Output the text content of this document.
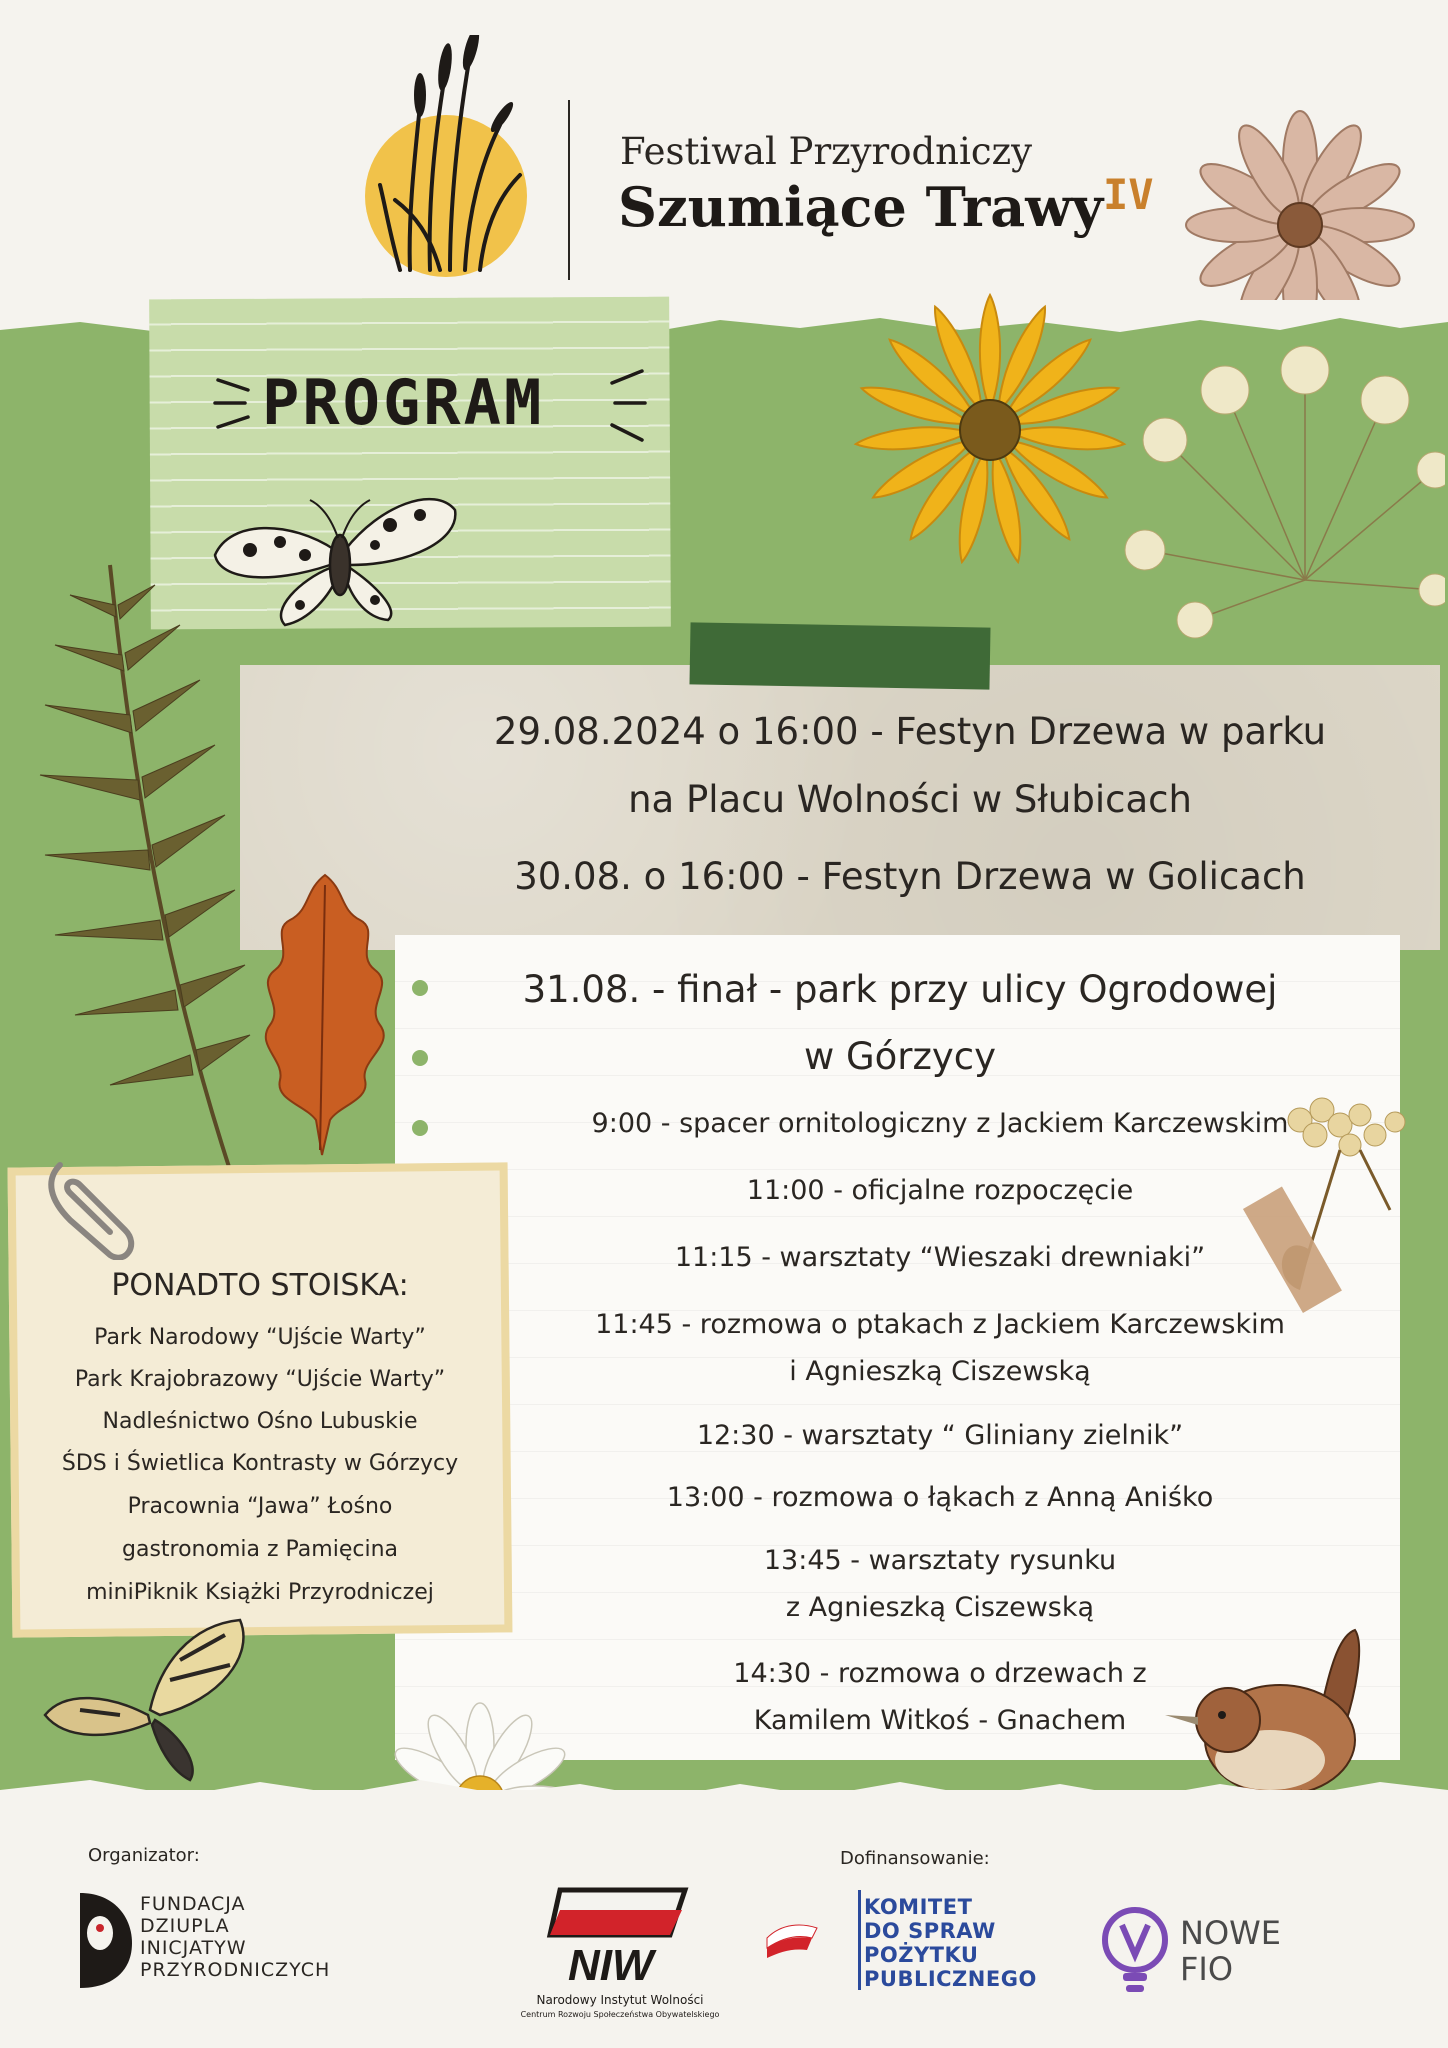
Festiwal Przyrodniczy
Szumiące Trawy IV
PROGRAM
29.08.2024 o 16:00 - Festyn Drzewa w parku
na Placu Wolności w Słubicach
30.08. o 16:00 - Festyn Drzewa w Golicach
31.08. - finał - park przy ulicy Ogrodowej
w Górzycy
9:00 - spacer ornitologiczny z Jackiem Karczewskim
11:00 - oficjalne rozpoczęcie
11:15 - warsztaty “Wieszaki drewniaki”
11:45 - rozmowa o ptakach z Jackiem Karczewskim
i Agnieszką Ciszewską
12:30 - warsztaty “ Gliniany zielnik”
13:00 - rozmowa o łąkach z Anną Aniśko
13:45 - warsztaty rysunku
z Agnieszką Ciszewską
14:30 - rozmowa o drzewach z
Kamilem Witkoś - Gnachem
PONADTO STOISKA:
Park Narodowy “Ujście Warty”
Park Krajobrazowy “Ujście Warty”
Nadleśnictwo Ośno Lubuskie
ŚDS i Świetlica Kontrasty w Górzycy
Pracownia “Jawa” Łośno
gastronomia z Pamięcina
miniPiknik Książki Przyrodniczej
Organizator:	Dofinansowanie:
FUNDACJA
DZIUPLA
INICJATYW
PRZYRODNICZYCH	NIW
Narodowy Instytut Wolności
Centrum Rozwoju Społeczeństwa Obywatelskiego
KOMITET
DO SPRAW
POŻYTKU
PUBLICZNEGO
NOWE
FIO
